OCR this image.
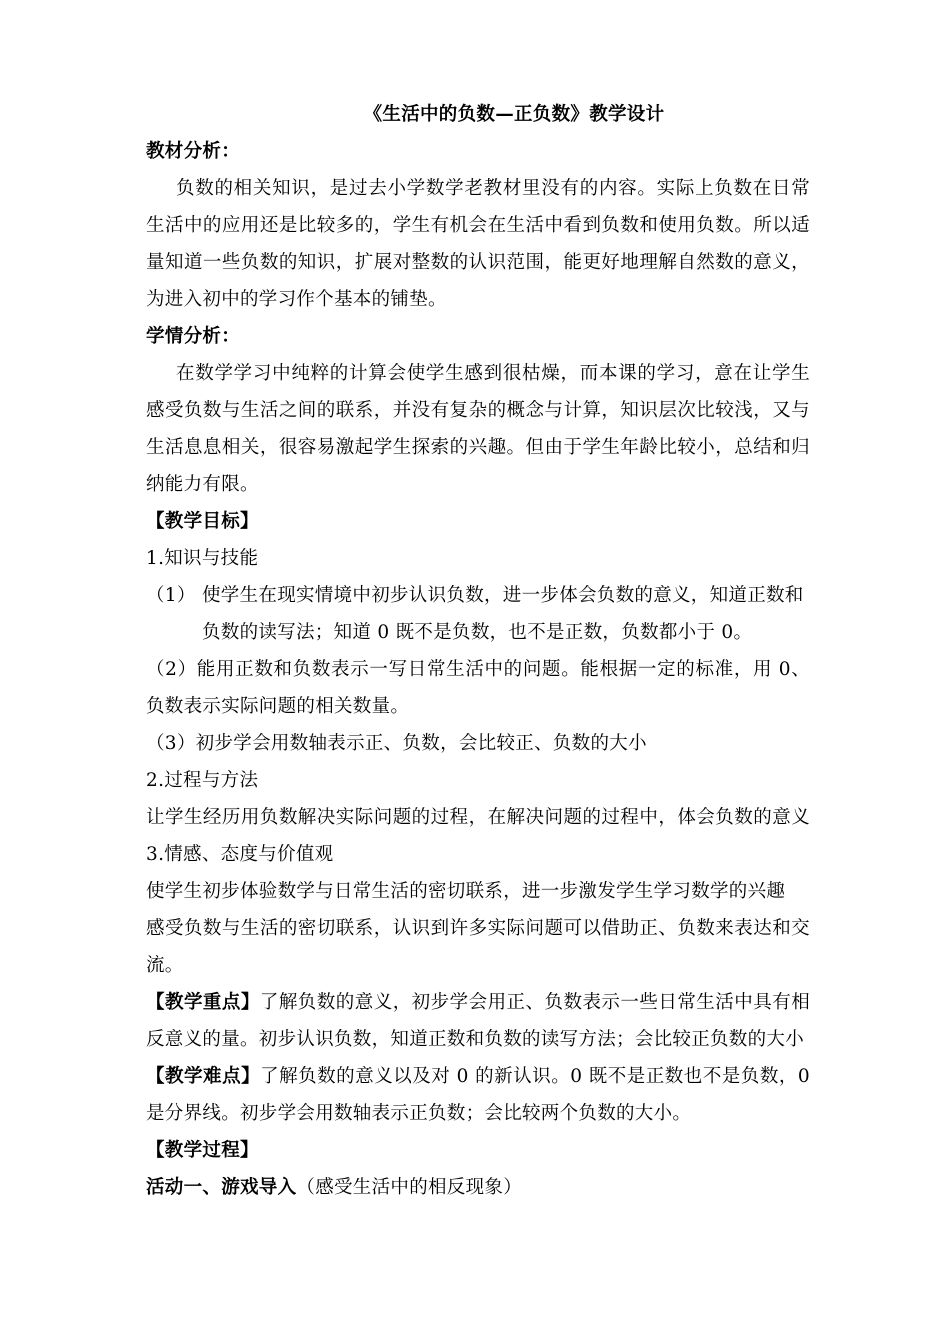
《生活中的负数—正负数》教学设计
教材分析：
负数的相关知识，是过去小学数学老教材里没有的内容。实际上负数在日常
生活中的应用还是比较多的，学生有机会在生活中看到负数和使用负数。所以适
量知道一些负数的知识，扩展对整数的认识范围，能更好地理解自然数的意义，
为进入初中的学习作个基本的铺垫。
学情分析：
在数学学习中纯粹的计算会使学生感到很枯燥，而本课的学习，意在让学生
感受负数与生活之间的联系，并没有复杂的概念与计算，知识层次比较浅，又与
生活息息相关，很容易激起学生探索的兴趣。但由于学生年龄比较小，总结和归
纳能力有限。
【教学目标】
1.知识与技能
（1） 使学生在现实情境中初步认识负数，进一步体会负数的意义，知道正数和
负数的读写法；知道 0 既不是负数，也不是正数，负数都小于 0。
（2）能用正数和负数表示一写日常生活中的问题。能根据一定的标准，用 0、
负数表示实际问题的相关数量。
（3）初步学会用数轴表示正、负数，会比较正、负数的大小
2.过程与方法
让学生经历用负数解决实际问题的过程，在解决问题的过程中，体会负数的意义
3.情感、态度与价值观
使学生初步体验数学与日常生活的密切联系，进一步激发学生学习数学的兴趣
感受负数与生活的密切联系，认识到许多实际问题可以借助正、负数来表达和交
流。
【教学重点】了解负数的意义，初步学会用正、负数表示一些日常生活中具有相
反意义的量。初步认识负数，知道正数和负数的读写方法；会比较正负数的大小
【教学难点】了解负数的意义以及对 0 的新认识。0 既不是正数也不是负数，0
是分界线。初步学会用数轴表示正负数；会比较两个负数的大小。
【教学过程】
活动一、游戏导入（感受生活中的相反现象）
